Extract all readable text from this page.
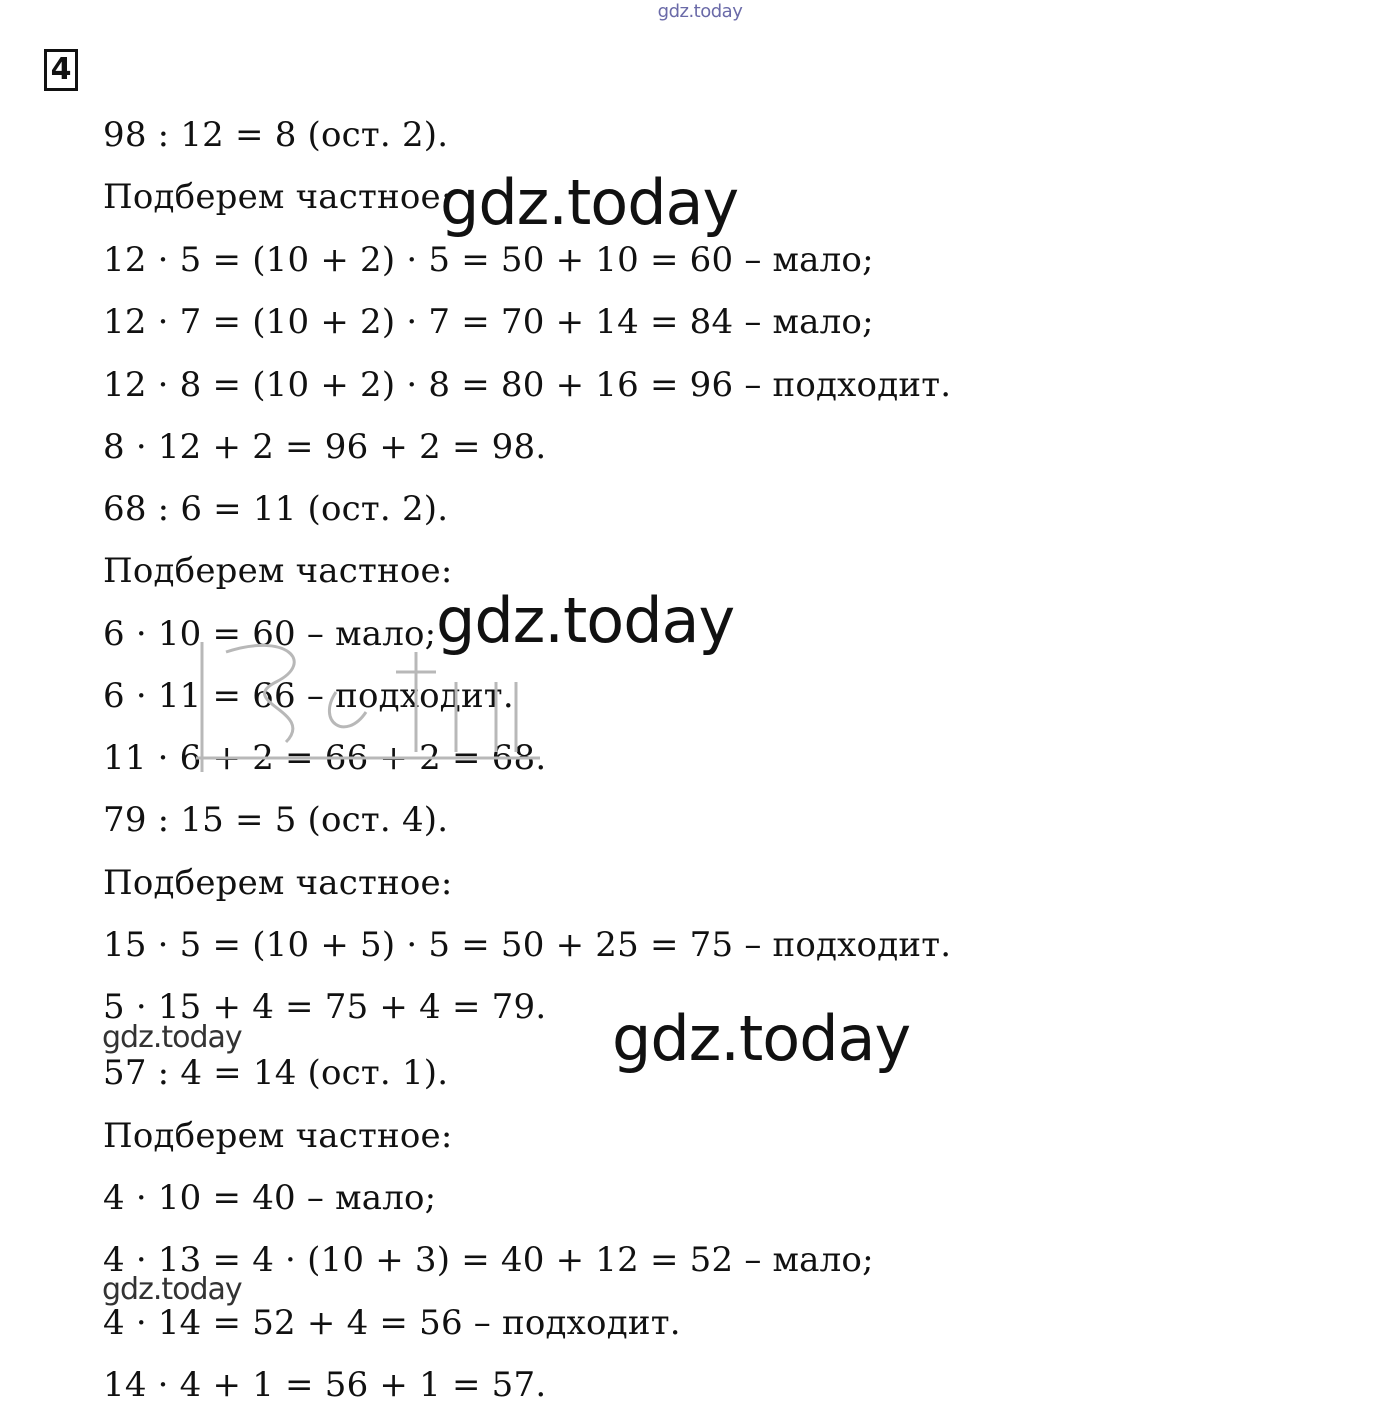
gdz.today
4
98 : 12 = 8 (ост. 2).
Подберем частное:
12 · 5 = (10 + 2) · 5 = 50 + 10 = 60 – мало;
12 · 7 = (10 + 2) · 7 = 70 + 14 = 84 – мало;
12 · 8 = (10 + 2) · 8 = 80 + 16 = 96 – подходит.
8 · 12 + 2 = 96 + 2 = 98.
68 : 6 = 11 (ост. 2).
Подберем частное:
6 · 10 = 60 – мало;
6 · 11 = 66 – подходит.
11 · 6 + 2 = 66 + 2 = 68.
79 : 15 = 5 (ост. 4).
Подберем частное:
15 · 5 = (10 + 5) · 5 = 50 + 25 = 75 – подходит.
5 · 15 + 4 = 75 + 4 = 79.
57 : 4 = 14 (ост. 1).
Подберем частное:
4 · 10 = 40 – мало;
4 · 13 = 4 · (10 + 3) = 40 + 12 = 52 – мало;
4 · 14 = 52 + 4 = 56 – подходит.
14 · 4 + 1 = 56 + 1 = 57.
gdz.today
gdz.today
gdz.today
gdz.today
gdz.today
